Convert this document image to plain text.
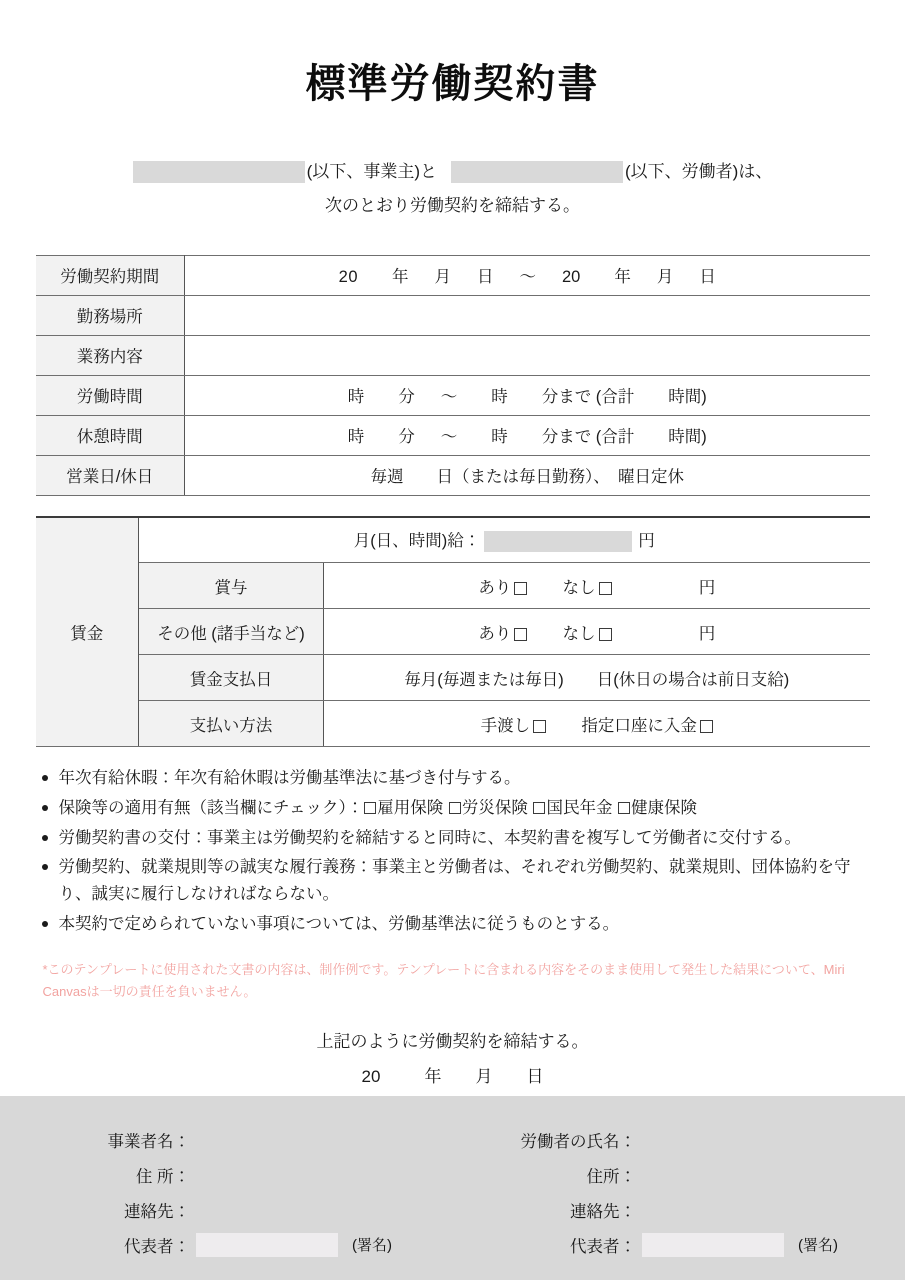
標準労働契約書
(以下、事業主)と	(以下、労働者)は、
次のとおり労働契約を締結する。
労働契約期間	20 年 月 日 〜 20 年 月 日
勤務場所	
業務内容	
労働時間	時 分 〜 時 分まで (合計 時間)
休憩時間	時 分 〜 時 分まで (合計 時間)
営業日/休日	毎週　　日（または毎日勤務）、　曜日定休
賃金	月(日、時間)給： 円	
	賞与	あり なし 円
	その他 (諸手当など)	あり なし 円
	賃金支払日	毎月(毎週または毎日)　　日(休日の場合は前日支給)
	支払い方法	手渡し 指定口座に入金
年次有給休暇：年次有給休暇は労働基準法に基づき付与する。
保険等の適用有無（該当欄にチェック）： 雇用保険 労災保険 国民年金 健康保険
労働契約書の交付：事業主は労働契約を締結すると同時に、本契約書を複写して労働者に交付する。
労働契約、就業規則等の誠実な履行義務：事業主と労働者は、それぞれ労働契約、就業規則、団体協約を守り、誠実に履行しなければならない。
本契約で定められていない事項については、労働基準法に従うものとする。
*このテンプレートに使用された文書の内容は、制作例です。テンプレートに含まれる内容をそのまま使用して発生した結果について、Miri Canvasは一切の責任を負いません。
上記のように労働契約を締結する。
20	年 月 日
事業者名：
住 所：
連絡先：
代表者：	(署名)
労働者の氏名：
住所：
連絡先：
代表者：	(署名)
